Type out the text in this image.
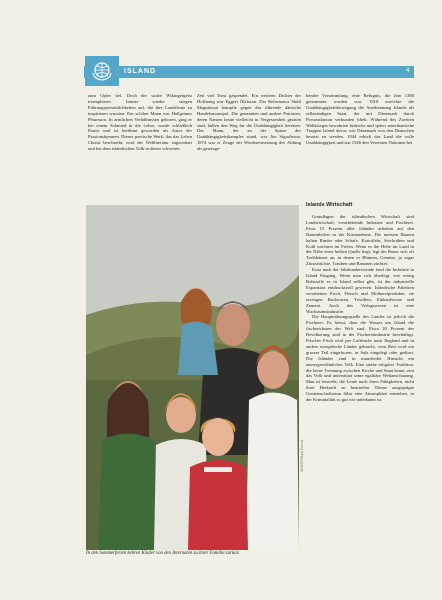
ISLAND	4

zum Opfer fiel. Doch der stolze Wikingergeist triumphierte. Immer wieder stiegen Führungspersönlichkeiten auf, die ihre Landsleute zu inspirieren wussten. Ein solcher Mann war Hallgrímur Pétursson. In ärmlichen Verhältnissen geboren, ging er bei einem Schmied in die Lehre, wurde schließlich Pastor und ist berühmt geworden als Autor der Passionshymnen. Dieses poetische Werk, das das Leben Christi beschreibt, wird der Weltliteratur zugeordnet und hat dem isländischen Volk in dieser schweren

Zeit viel Trost gespendet. Ein weiterer Dichter der Hoffnung war Eggert Ólafsson. Der Reformator Skúli Magnússon kämpfte gegen das führende dänische Handelsmonopol. Die genannten und andere Patrioten, deren Namen heute vielleicht in Vergessenheit geraten sind, halfen den Weg für die Unabhängigkeit bereiten. Der Mann, der an der Spitze des Unabhängigkeitskampfes stand, war Jón Sigurðsson. 1874 war er Zeuge der Wiedereinsetzung des Althing als gesetzge-

bender Versammlung, eine Befugnis, die ihm 1380 genommen worden war. 1918 erreichte die Unabhängigkeitsbewegung die Anerkennung Islands als selbständigen Staat, der mit Dänemark durch Personalunion verbunden blieb. Während des Zweiten Weltkrieges bewahrten britische und später amerikanische Truppen Island davor, wie Dänemark von den Deutschen besetzt zu werden. 1944 erhielt das Land die volle Unabhängigkeit und trat 1946 den Vereinten Nationen bei.

Islands Wirtschaft

Grundlagen der isländischen Wirtschaft sind Landwirtschaft, verarbeitende Industrie und Fischerei. Etwa 15 Prozent aller Isländer arbeiten auf den Bauernhöfen in der Küstenebene. Die meisten Bauern halten Rinder oder Schafe. Kartoffeln, Steckrüben und Kohl wachsen im Freien. Wenn es die Höhe im Land in der Nähe einer heißen Quelle liegt, legt der Bauer sich oft Treibhäuser an, in denen er Blumen, Gemüse, ja sogar Zitrusfrüchte, Trauben und Bananen züchtet.

Kurz nach der Jahrhundertwende fand die Industrie in Island Eingang. Wenn man sich überlegt, wie wenig Rohstoffe es in Island selbst gibt, ist der industrielle Expansion eindrucksvoll gewesen. Isländische Fabriken verarbeiten Fisch, Fleisch und Molkereiprodukte; sie erzeugen Backwaren, Textilien, Einkaufsware und Zement. Auch das Verlagswesen ist eine Wachstumsindustrie.

Die Hauptnährungsquelle des Landes ist jedoch die Fischerei. Es heisst, dass die Wasser um Island die fischreichsten der Welt sind. Etwa 20 Prozent der Bevölkerung sind in der Fischereiindustrie beschäftigt. Frischer Fisch wird per Luftfracht nach England und in andere europäische Länder gebracht, vom Rest wird ein grosser Teil eingefroren, in Salz eingelegt oder gedörrt. Die Isländer sind in mancherlei Hinsicht ein aussergewöhnliches Volk. Eine starke religiöse Tradition, die keine Trennung zwischen Kirche und Staat kennt, eint das Volk und unterstützt seine egalitäre Weltanschauung. Man ist bestrebt, die Leute nach ihren Fähigkeiten, nicht ihrer Herkunft zu beurteilen. Dieser ausgeprägte Gemeinschaftssinn führt eine Atmosphäre entstehen, in der Kriminalität so gut wie unbekannt ist.

UNICEF/Mary Donna
In den Sommerferien kehren Kinder von den Internaten zu ihrer Familie zurück.
